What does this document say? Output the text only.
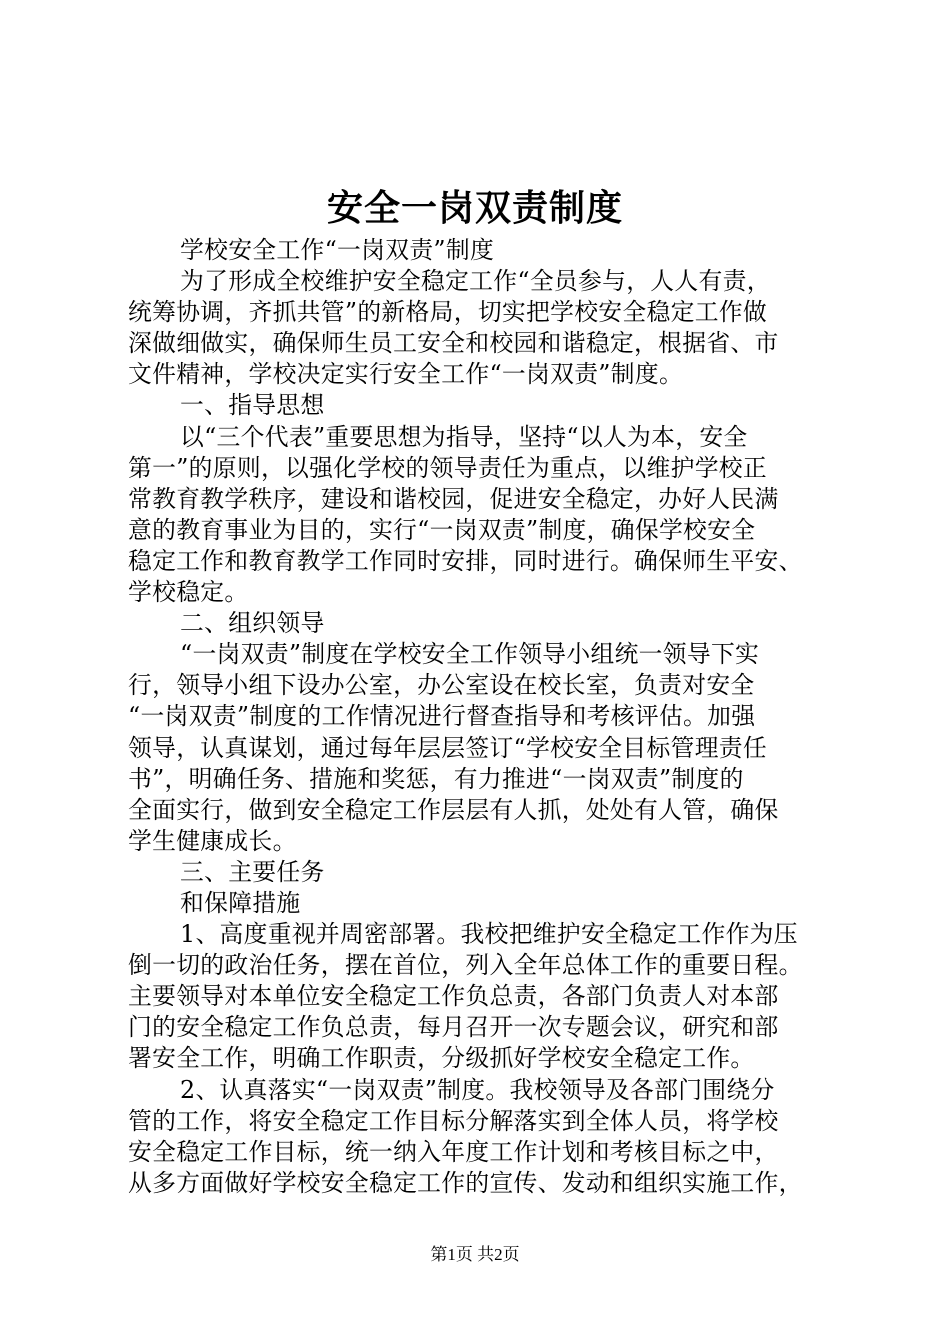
安全一岗双责制度
学校安全工作“一岗双责”制度
为了形成全校维护安全稳定工作“全员参与，人人有责，
统筹协调，齐抓共管”的新格局，切实把学校安全稳定工作做
深做细做实，确保师生员工安全和校园和谐稳定，根据省、市
文件精神，学校决定实行安全工作“一岗双责”制度。
一、指导思想
以“三个代表”重要思想为指导，坚持“以人为本，安全
第一”的原则，以强化学校的领导责任为重点，以维护学校正
常教育教学秩序，建设和谐校园，促进安全稳定，办好人民满
意的教育事业为目的，实行“一岗双责”制度，确保学校安全
稳定工作和教育教学工作同时安排，同时进行。确保师生平安、
学校稳定。
二、组织领导
“一岗双责”制度在学校安全工作领导小组统一领导下实
行，领导小组下设办公室，办公室设在校长室，负责对安全
“一岗双责”制度的工作情况进行督查指导和考核评估。加强
领导，认真谋划，通过每年层层签订“学校安全目标管理责任
书”，明确任务、措施和奖惩，有力推进“一岗双责”制度的
全面实行，做到安全稳定工作层层有人抓，处处有人管，确保
学生健康成长。
三、主要任务
和保障措施
1、高度重视并周密部署。我校把维护安全稳定工作作为压
倒一切的政治任务，摆在首位，列入全年总体工作的重要日程。
主要领导对本单位安全稳定工作负总责，各部门负责人对本部
门的安全稳定工作负总责，每月召开一次专题会议，研究和部
署安全工作，明确工作职责，分级抓好学校安全稳定工作。
2、认真落实“一岗双责”制度。我校领导及各部门围绕分
管的工作，将安全稳定工作目标分解落实到全体人员，将学校
安全稳定工作目标，统一纳入年度工作计划和考核目标之中，
从多方面做好学校安全稳定工作的宣传、发动和组织实施工作，
第1页 共2页
